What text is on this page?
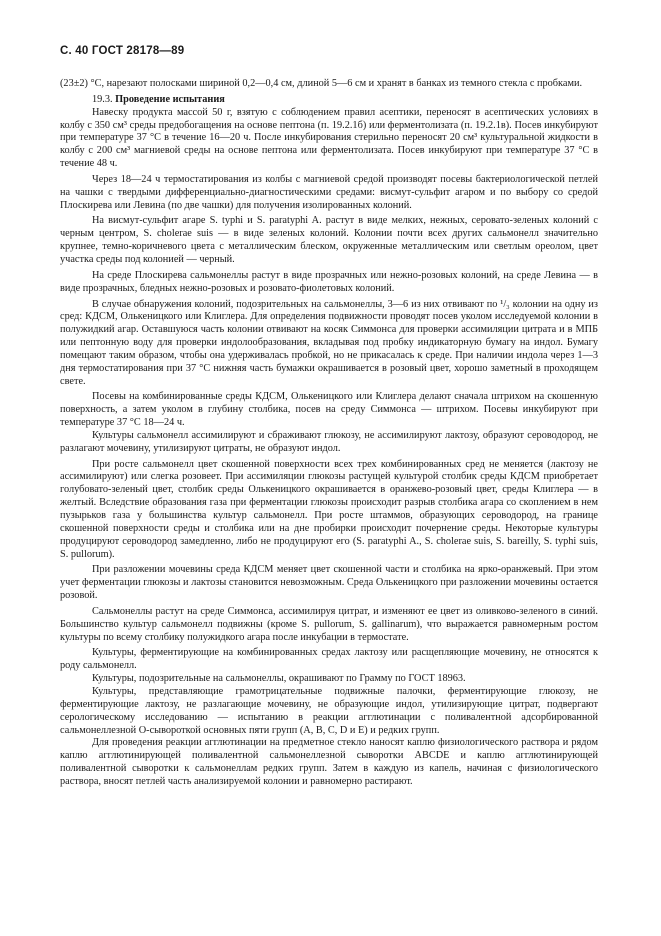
С. 40 ГОСТ 28178—89

(23±2) °С, нарезают полосками шириной 0,2—0,4 см, длиной 5—6 см и хранят в банках из темного стекла с пробками.

19.3. Проведение испытания

Навеску продукта массой 50 г, взятую с соблюдением правил асептики, переносят в асептических условиях в колбу с 350 см³ среды предобогащения на основе пептона (п. 19.2.1б) или ферментолизата (п. 19.2.1в). Посев инкубируют при температуре 37 °С в течение 16—20 ч. После инкубирования стерильно переносят 20 см³ культуральной жидкости в колбу с 200 см³ магниевой среды на основе пептона или ферментолизата. Посев инкубируют при температуре 37 °С в течение 48 ч.

Через 18—24 ч термостатирования из колбы с магниевой средой производят посевы бактериологической петлей на чашки с твердыми дифференциально-диагностическими средами: висмут-сульфит агаром и по выбору со средой Плоскирева или Левина (по две чашки) для получения изолированных колоний.

На висмут-сульфит агаре S. typhi и S. paratyphi A. растут в виде мелких, нежных, серовато-зеленых колоний с черным центром, S. cholerae suis — в виде зеленых колоний. Колонии почти всех других сальмонелл значительно крупнее, темно-коричневого цвета с металлическим блеском, окруженные металлическим или светлым ореолом, цвет участка среды под колонией — черный.

На среде Плоскирева сальмонеллы растут в виде прозрачных или нежно-розовых колоний, на среде Левина — в виде прозрачных, бледных нежно-розовых и розовато-фиолетовых колоний.

В случае обнаружения колоний, подозрительных на сальмонеллы, 3—6 из них отвивают по ¹/₃ колонии на одну из сред: КДСМ, Олькеницкого или Клиглера. Для определения подвижности проводят посев уколом исследуемой колонии в полужидкий агар. Оставшуюся часть колонии отвивают на косяк Симмонса для проверки ассимиляции цитрата и в МПБ или пептонную воду для проверки индолообразования, вкладывая под пробку индикаторную бумагу на индол. Бумагу помещают таким образом, чтобы она удерживалась пробкой, но не прикасалась к среде. При наличии индола через 1—3 дня термостатирования при 37 °С нижняя часть бумажки окрашивается в розовый цвет, хорошо заметный в проходящем свете.

Посевы на комбинированные среды КДСМ, Олькеницкого или Клиглера делают сначала штрихом на скошенную поверхность, а затем уколом в глубину столбика, посев на среду Симмонса — штрихом. Посевы инкубируют при температуре 37 °С 18—24 ч.

Культуры сальмонелл ассимилируют и сбраживают глюкозу, не ассимилируют лактозу, образуют сероводород, не разлагают мочевину, утилизируют цитраты, не образуют индол.

При росте сальмонелл цвет скошенной поверхности всех трех комбинированных сред не меняется (лактозу не ассимилируют) или слегка розовеет. При ассимиляции глюкозы растущей культурой столбик среды КДСМ приобретает голубовато-зеленый цвет, столбик среды Олькеницкого окрашивается в оранжево-розовый цвет, среды Клиглера — в желтый. Вследствие образования газа при ферментации глюкозы происходит разрыв столбика агара со скоплением в нем пузырьков газа у большинства культур сальмонелл. При росте штаммов, образующих сероводород, на границе скошенной поверхности среды и столбика или на дне пробирки происходит почернение среды. Некоторые культуры продуцируют сероводород замедленно, либо не продуцируют его (S. paratyphi A., S. cholerae suis, S. bareilly, S. typhi suis, S. pullorum).

При разложении мочевины среда КДСМ меняет цвет скошенной части и столбика на ярко-оранжевый. При этом учет ферментации глюкозы и лактозы становится невозможным. Среда Олькеницкого при разложении мочевины остается розовой.

Сальмонеллы растут на среде Симмонса, ассимилируя цитрат, и изменяют ее цвет из оливково-зеленого в синий. Большинство культур сальмонелл подвижны (кроме S. pullorum, S. gallinarum), что выражается равномерным ростом культуры по всему столбику полужидкого агара после инкубации в термостате.

Культуры, ферментирующие на комбинированных средах лактозу или расщепляющие мочевину, не относятся к роду сальмонелл.

Культуры, подозрительные на сальмонеллы, окрашивают по Грамму по ГОСТ 18963.

Культуры, представляющие грамотрицательные подвижные палочки, ферментирующие глюкозу, не ферментирующие лактозу, не разлагающие мочевину, не образующие индол, утилизирующие цитрат, подвергают серологическому исследованию — испытанию в реакции агглютинации с поливалентной адсорбированной сальмонеллезной О-сывороткой основных пяти групп (А, В, С, D и Е) и редких групп.

Для проведения реакции агглютинации на предметное стекло наносят каплю физиологического раствора и рядом каплю агглютинирующей поливалентной сальмонеллезной сыворотки ABCDE и каплю агглютинирующей поливалентной сыворотки к сальмонеллам редких групп. Затем в каждую из капель, начиная с физиологического раствора, вносят петлей часть анализируемой колонии и равномерно растирают.
